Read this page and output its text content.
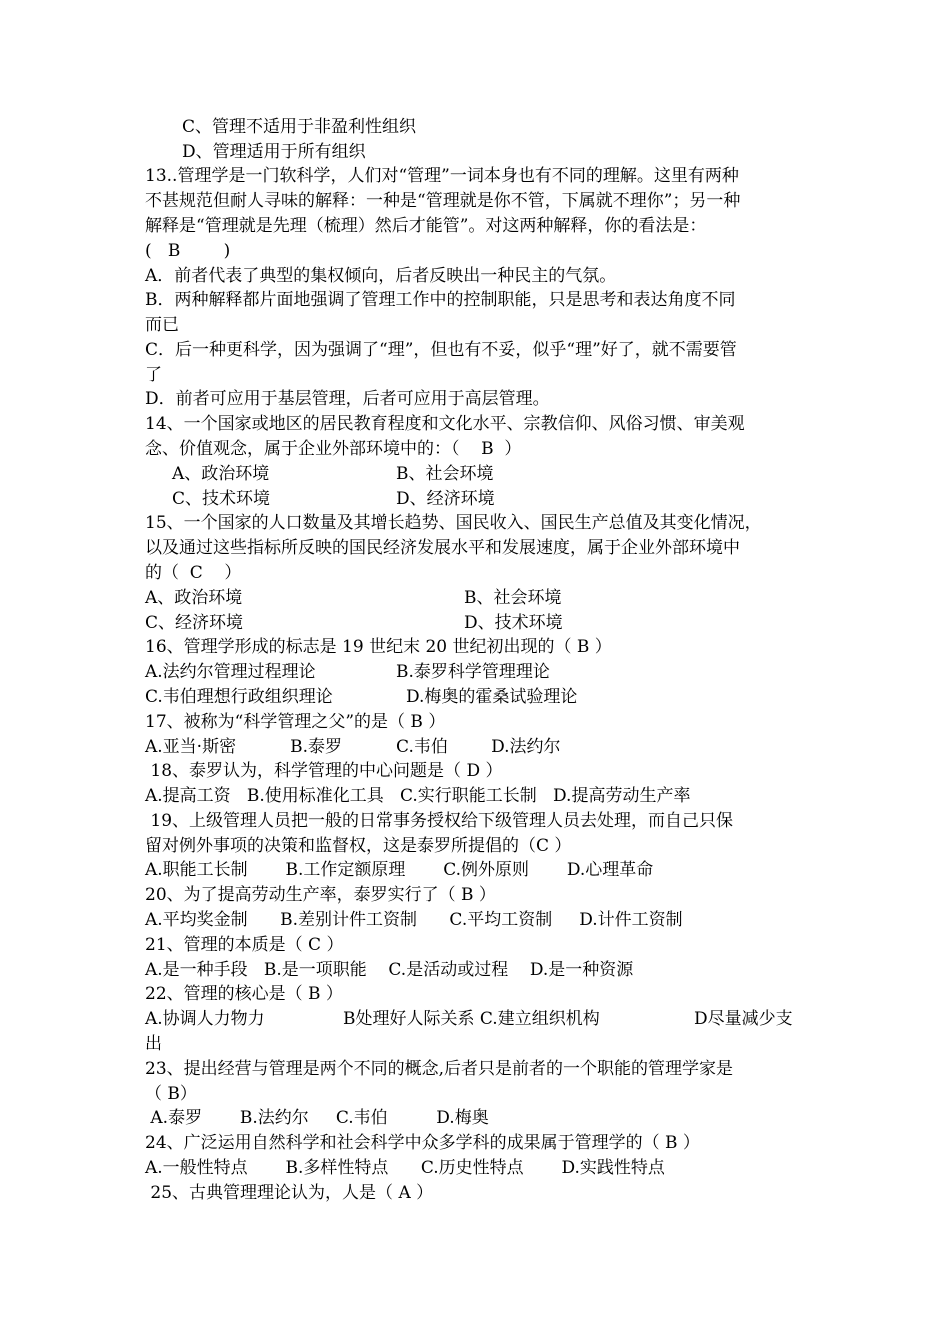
C、管理不适用于非盈利性组织
D、管理适用于所有组织
13..管理学是一门软科学，人们对“管理”一词本身也有不同的理解。这里有两种
不甚规范但耐人寻味的解释：一种是“管理就是你不管，下属就不理你”；另一种
解释是“管理就是先理（梳理）然后才能管”。对这两种解释，你的看法是：
(   B        )
A．前者代表了典型的集权倾向，后者反映出一种民主的气氛。
B．两种解释都片面地强调了管理工作中的控制职能，只是思考和表达角度不同
而已
C．后一种更科学，因为强调了“理”，但也有不妥，似乎“理”好了，就不需要管
了
D．前者可应用于基层管理，后者可应用于高层管理。
14、一个国家或地区的居民教育程度和文化水平、宗教信仰、风俗习惯、审美观
念、价值观念，属于企业外部环境中的：（    B  ）
A、政治环境	B、社会环境
C、技术环境	D、经济环境
15、一个国家的人口数量及其增长趋势、国民收入、国民生产总值及其变化情况，
以及通过这些指标所反映的国民经济发展水平和发展速度，属于企业外部环境中
的（  C    ）
A、政治环境	B、社会环境
C、经济环境	D、技术环境
16、管理学形成的标志是 19 世纪末 20 世纪初出现的（ B ）
A.法约尔管理过程理论	B.泰罗科学管理理论
C.韦伯理想行政组织理论	D.梅奥的霍桑试验理论
17、被称为“科学管理之父”的是（ B ）
A.亚当·斯密          B.泰罗          C.韦伯        D.法约尔
18、泰罗认为，科学管理的中心问题是（ D ）
A.提高工资   B.使用标准化工具   C.实行职能工长制   D.提高劳动生产率
19、上级管理人员把一般的日常事务授权给下级管理人员去处理，而自己只保
留对例外事项的决策和监督权，这是泰罗所提倡的（C ）
A.职能工长制       B.工作定额原理       C.例外原则       D.心理革命
20、为了提高劳动生产率，泰罗实行了（ B ）
A.平均奖金制      B.差别计件工资制      C.平均工资制     D.计件工资制
21、管理的本质是（ C ）
A.是一种手段   B.是一项职能    C.是活动或过程    D.是一种资源
22、管理的核心是（ B ）
A.协调人力物力	B处理好人际关系 C.建立组织机构	D尽量减少支
出
23、提出经营与管理是两个不同的概念,后者只是前者的一个职能的管理学家是
（ B）
A.泰罗       B.法约尔     C.韦伯         D.梅奥
24、广泛运用自然科学和社会科学中众多学科的成果属于管理学的（ B ）
A.一般性特点       B.多样性特点      C.历史性特点       D.实践性特点
25、古典管理理论认为，人是（ A ）
